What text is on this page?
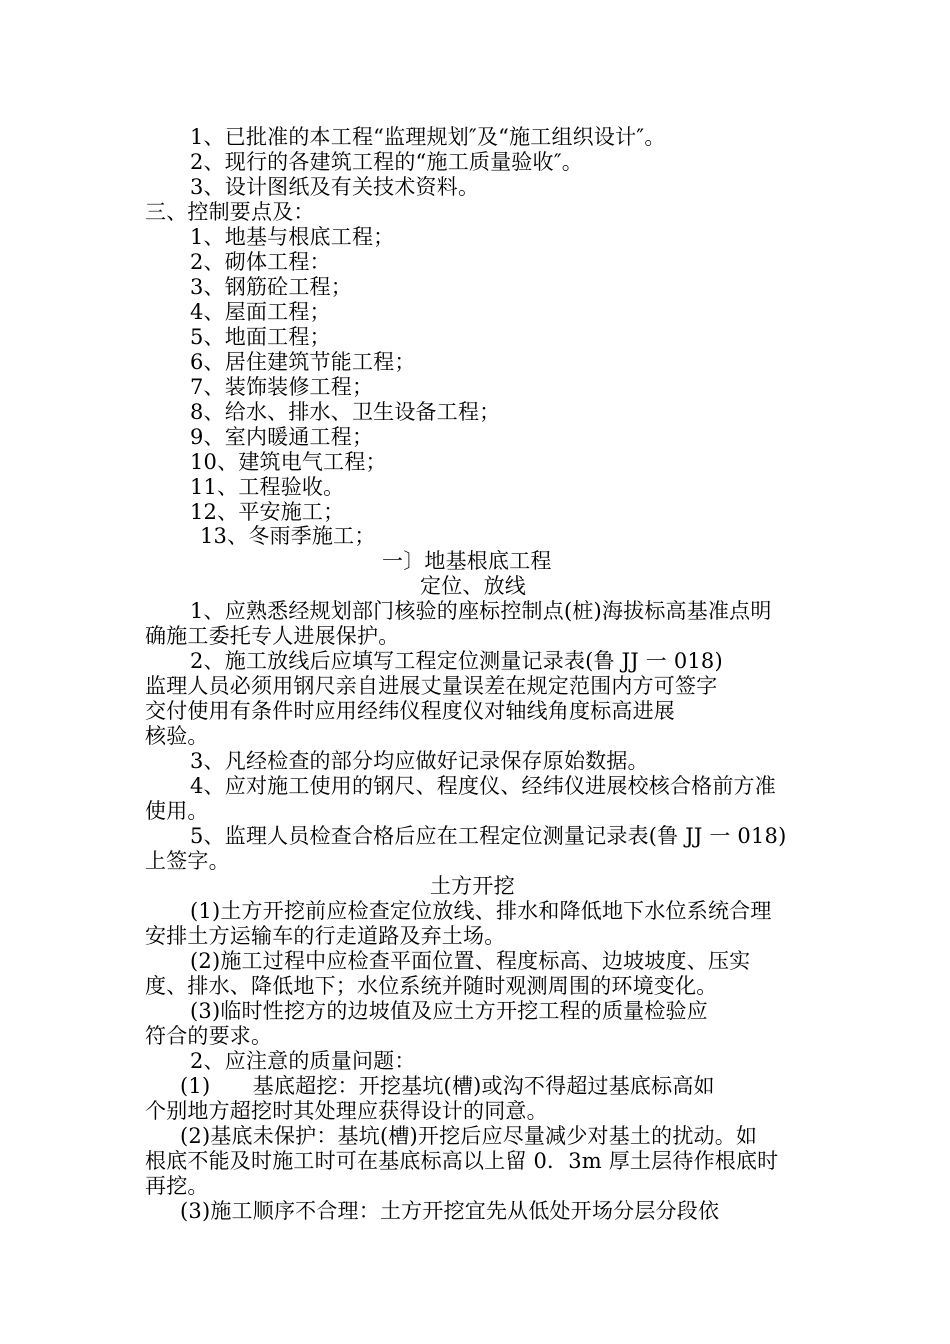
1、已批准的本工程“监理规划″及“施工组织设计″。
2、现行的各建筑工程的“施工质量验收″。
3、设计图纸及有关技术资料。
三、控制要点及：
1、地基与根底工程；
2、砌体工程：
3、钢筋砼工程；
4、屋面工程；
5、地面工程；
6、居住建筑节能工程；
7、装饰装修工程；
8、给水、排水、卫生设备工程；
9、室内暖通工程；
10、建筑电气工程；
11、工程验收。
12、平安施工；
13、冬雨季施工；
一〕地基根底工程
定位、放线
1、应熟悉经规划部门核验的座标控制点(桩)海拔标高基准点明
确施工委托专人进展保护。
2、施工放线后应填写工程定位测量记录表(鲁 JJ 一 018)
监理人员必须用钢尺亲自进展丈量误差在规定范围内方可签字
交付使用有条件时应用经纬仪程度仪对轴线角度标高进展
核验。
3、凡经检查的部分均应做好记录保存原始数据。
4、应对施工使用的钢尺、程度仪、经纬仪进展校核合格前方准
使用。
5、监理人员检查合格后应在工程定位测量记录表(鲁 JJ 一 018)
上签字。
土方开挖
(1)土方开挖前应检查定位放线、排水和降低地下水位系统合理
安排土方运输车的行走道路及弃土场。
(2)施工过程中应检查平面位置、程度标高、边坡坡度、压实
度、排水、降低地下；水位系统并随时观测周围的环境变化。
(3)临时性挖方的边坡值及应土方开挖工程的质量检验应
符合的要求。
2、应注意的质量问题：
(1)　　基底超挖：开挖基坑(槽)或沟不得超过基底标高如
个别地方超挖时其处理应获得设计的同意。
(2)基底未保护：基坑(槽)开挖后应尽量减少对基土的扰动。如
根底不能及时施工时可在基底标高以上留 0．3m 厚土层待作根底时
再挖。
(3)施工顺序不合理：土方开挖宜先从低处开场分层分段依
